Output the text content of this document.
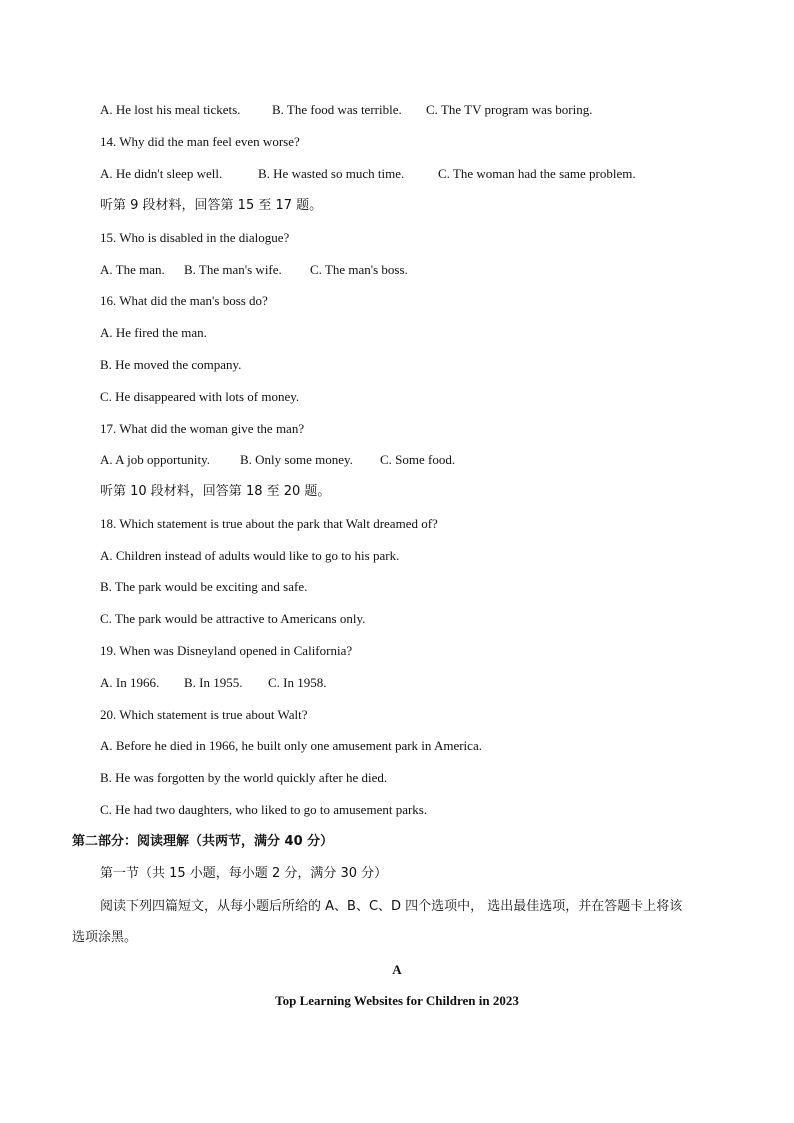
A. He lost his meal tickets. B. The food was terrible. C. The TV program was boring.
14. Why did the man feel even worse?
A. He didn't sleep well.	B. He wasted so much time.	C. The woman had the same problem.
听第 9 段材料，回答第 15 至 17 题。
15. Who is disabled in the dialogue?
A. The man. B. The man's wife. C. The man's boss.
16. What did the man's boss do?
A. He fired the man.
B. He moved the company.
C. He disappeared with lots of money.
17. What did the woman give the man?
A. A job opportunity. B. Only some money. C. Some food.
听第 10 段材料，回答第 18 至 20 题。
18. Which statement is true about the park that Walt dreamed of?
A. Children instead of adults would like to go to his park.
B. The park would be exciting and safe.
C. The park would be attractive to Americans only.
19. When was Disneyland opened in California?
A. In 1966. B. In 1955. C. In 1958.
20. Which statement is true about Walt?
A. Before he died in 1966, he built only one amusement park in America.
B. He was forgotten by the world quickly after he died.
C. He had two daughters, who liked to go to amusement parks.
第二部分：阅读理解（共两节，满分 40 分）
第一节（共 15 小题，每小题 2 分，满分 30 分）
阅读下列四篇短文，从每小题后所给的 A、B、C、D 四个选项中， 选出最佳选项，并在答题卡上将该
选项涂黑。
A
Top Learning Websites for Children in 2023
